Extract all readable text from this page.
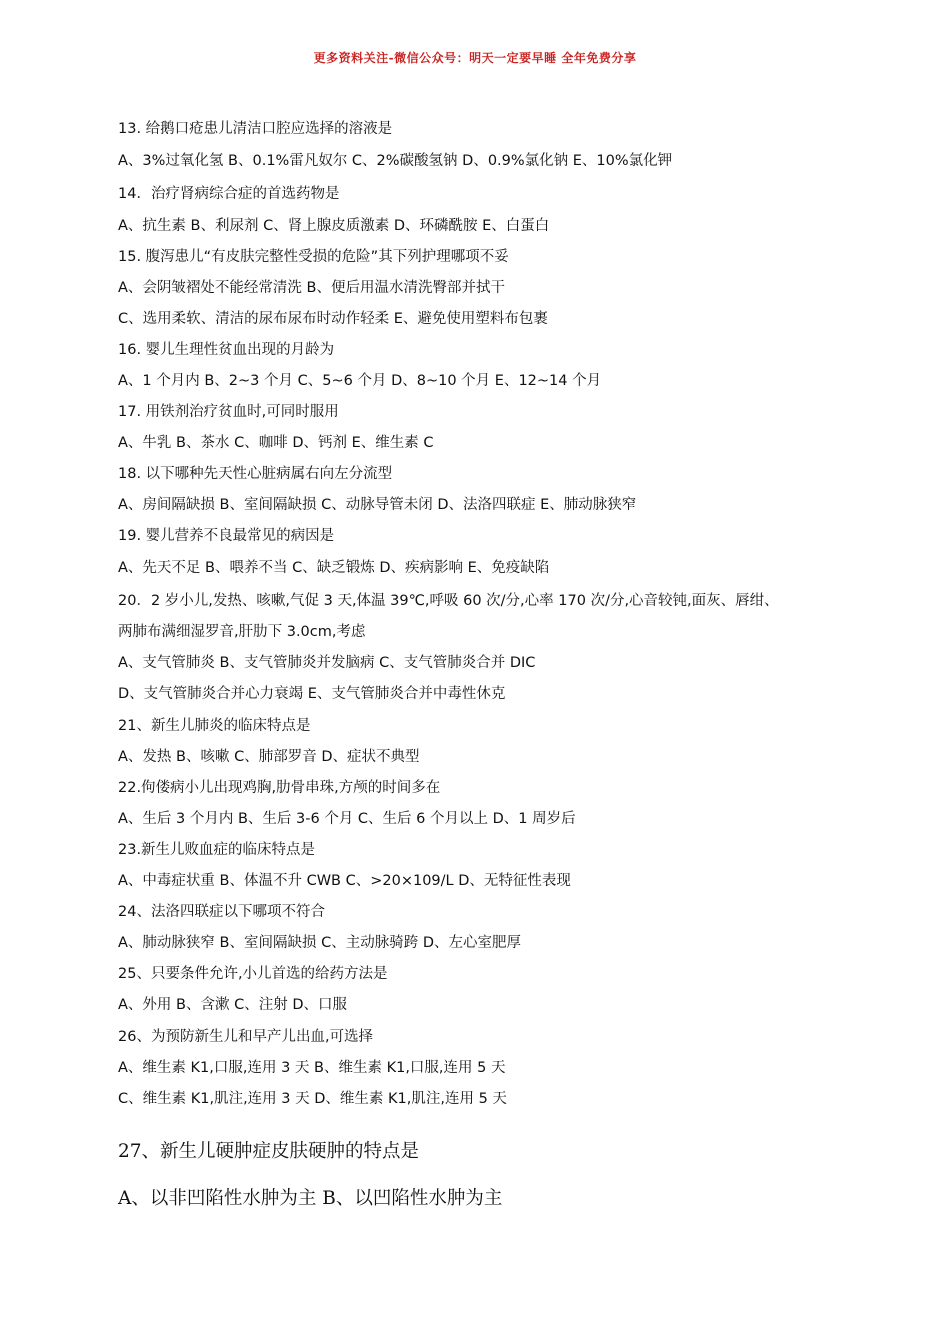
更多资料关注-微信公众号：明天一定要早睡 全年免费分享
13. 给鹅口疮患儿清洁口腔应选择的溶液是
A、3%过氧化氢 B、0.1%雷凡奴尔 C、2%碳酸氢钠 D、0.9%氯化钠 E、10%氯化钾
14．治疗肾病综合症的首选药物是
A、抗生素 B、利尿剂 C、肾上腺皮质激素 D、环磷酰胺 E、白蛋白
15. 腹泻患儿“有皮肤完整性受损的危险”其下列护理哪项不妥
A、会阴皱褶处不能经常清洗 B、便后用温水清洗臀部并拭干
C、选用柔软、清洁的尿布尿布时动作轻柔 E、避免使用塑料布包裹
16. 婴儿生理性贫血出现的月龄为
A、1 个月内 B、2~3 个月 C、5~6 个月 D、8~10 个月 E、12~14 个月
17. 用铁剂治疗贫血时,可同时服用
A、牛乳 B、茶水 C、咖啡 D、钙剂 E、维生素 C
18. 以下哪种先天性心脏病属右向左分流型
A、房间隔缺损 B、室间隔缺损 C、动脉导管未闭 D、法洛四联症 E、肺动脉狭窄
19. 婴儿营养不良最常见的病因是
A、先天不足 B、喂养不当 C、缺乏锻炼 D、疾病影响 E、免疫缺陷
20．2 岁小儿,发热、咳嗽,气促 3 天,体温 39℃,呼吸 60 次/分,心率 170 次/分,心音较钝,面灰、唇绀、
两肺布满细湿罗音,肝肋下 3.0cm,考虑
A、支气管肺炎 B、支气管肺炎并发脑病 C、支气管肺炎合并 DIC
D、支气管肺炎合并心力衰竭 E、支气管肺炎合并中毒性休克
21、新生儿肺炎的临床特点是
A、发热 B、咳嗽 C、肺部罗音 D、症状不典型
22.佝偻病小儿出现鸡胸,肋骨串珠,方颅的时间多在
A、生后 3 个月内 B、生后 3-6 个月 C、生后 6 个月以上 D、1 周岁后
23.新生儿败血症的临床特点是
A、中毒症状重 B、体温不升 CWB C、>20×109/L D、无特征性表现
24、法洛四联症以下哪项不符合
A、肺动脉狭窄 B、室间隔缺损 C、主动脉骑跨 D、左心室肥厚
25、只要条件允许,小儿首选的给药方法是
A、外用 B、含漱 C、注射 D、口服
26、为预防新生儿和早产儿出血,可选择
A、维生素 K1,口服,连用 3 天 B、维生素 K1,口服,连用 5 天
C、维生素 K1,肌注,连用 3 天 D、维生素 K1,肌注,连用 5 天
27、新生儿硬肿症皮肤硬肿的特点是
A、以非凹陷性水肿为主 B、以凹陷性水肿为主
